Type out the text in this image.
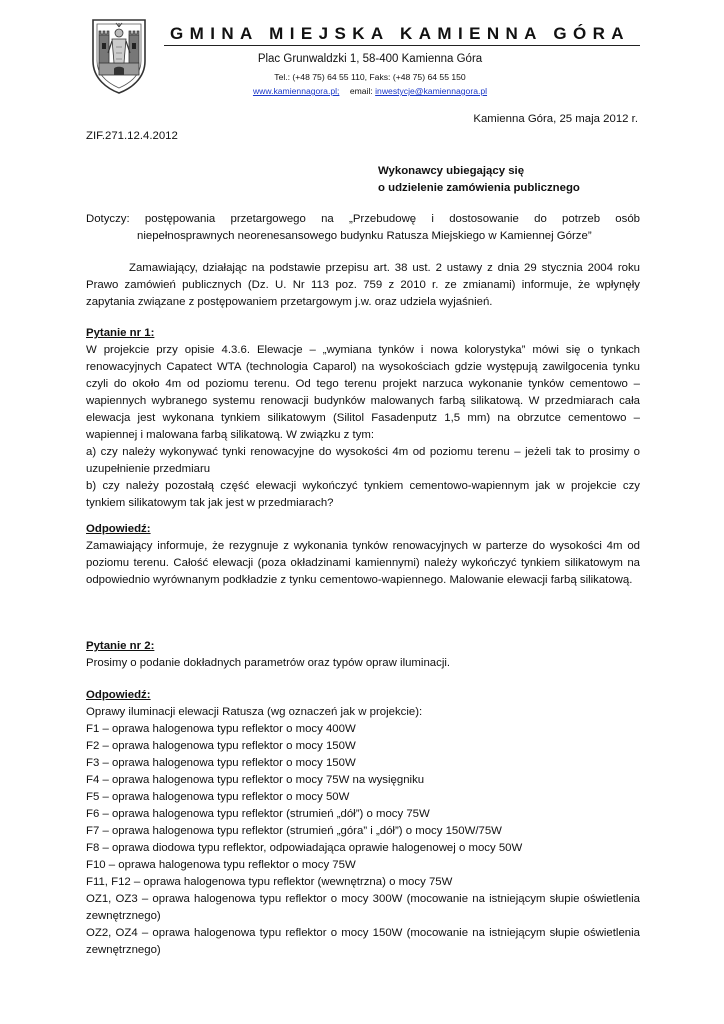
GMINA MIEJSKA KAMIENNA GÓRA
Plac Grunwaldzki 1, 58-400 Kamienna Góra
Tel.: (+48 75) 64 55 110, Faks: (+48 75) 64 55 150
www.kamiennagora.pl; email: inwestycje@kamiennagora.pl
Kamienna Góra, 25 maja 2012 r.
ZIF.271.12.4.2012
Wykonawcy ubiegający się
o udzielenie zamówienia publicznego
Dotyczy: postępowania przetargowego na „Przebudowę i dostosowanie do potrzeb osób
niepełnosprawnych neorenesansowego budynku Ratusza Miejskiego w Kamiennej Górze”

Zamawiający, działając na podstawie przepisu art. 38 ust. 2 ustawy z dnia 29 stycznia 2004 roku Prawo zamówień publicznych (Dz. U. Nr 113 poz. 759 z 2010 r. ze zmianami) informuje, że wpłynęły zapytania związane z postępowaniem przetargowym j.w. oraz udziela wyjaśnień.

Pytanie nr 1:
W projekcie przy opisie 4.3.6. Elewacje – „wymiana tynków i nowa kolorystyka” mówi się o tynkach renowacyjnych Capatect WTA (technologia Caparol) na wysokościach gdzie występują zawilgocenia tynku czyli do około 4m od poziomu terenu. Od tego terenu projekt narzuca wykonanie tynków cementowo – wapiennych wybranego systemu renowacji budynków malowanych farbą silikatową. W przedmiarach cała elewacja jest wykonana tynkiem silikatowym (Silitol Fasadenputz 1,5 mm) na obrzutce cementowo – wapiennej i malowana farbą silikatową. W związku z tym:
a) czy należy wykonywać tynki renowacyjne do wysokości 4m od poziomu terenu – jeżeli tak to prosimy o uzupełnienie przedmiaru
b) czy należy pozostałą część elewacji wykończyć tynkiem cementowo-wapiennym jak w projekcie czy tynkiem silikatowym tak jak jest w przedmiarach?
Odpowiedź:
Zamawiający informuje, że rezygnuje z wykonania tynków renowacyjnych w parterze do wysokości 4m od poziomu terenu. Całość elewacji (poza okładzinami kamiennymi) należy wykończyć tynkiem silikatowym na odpowiednio wyrównanym podkładzie z tynku cementowo-wapiennego. Malowanie elewacji farbą silikatową.
Pytanie nr 2:
Prosimy o podanie dokładnych parametrów oraz typów opraw iluminacji.
Odpowiedź:
Oprawy iluminacji elewacji Ratusza (wg oznaczeń jak w projekcie):
F1 – oprawa halogenowa typu reflektor o mocy 400W
F2 – oprawa halogenowa typu reflektor o mocy 150W
F3 – oprawa halogenowa typu reflektor o mocy 150W
F4 – oprawa halogenowa typu reflektor o mocy 75W na wysięgniku
F5 – oprawa halogenowa typu reflektor o mocy 50W
F6 – oprawa halogenowa typu reflektor (strumień „dół”) o mocy 75W
F7 – oprawa halogenowa typu reflektor (strumień „góra” i „dół”) o mocy 150W/75W
F8 – oprawa diodowa typu reflektor, odpowiadająca oprawie halogenowej o mocy 50W
F10 – oprawa halogenowa typu reflektor o mocy 75W
F11, F12 – oprawa halogenowa typu reflektor (wewnętrzna) o mocy 75W
OZ1, OZ3 – oprawa halogenowa typu reflektor o mocy 300W (mocowanie na istniejącym słupie oświetlenia zewnętrznego)
OZ2, OZ4 – oprawa halogenowa typu reflektor o mocy 150W (mocowanie na istniejącym słupie oświetlenia zewnętrznego)
